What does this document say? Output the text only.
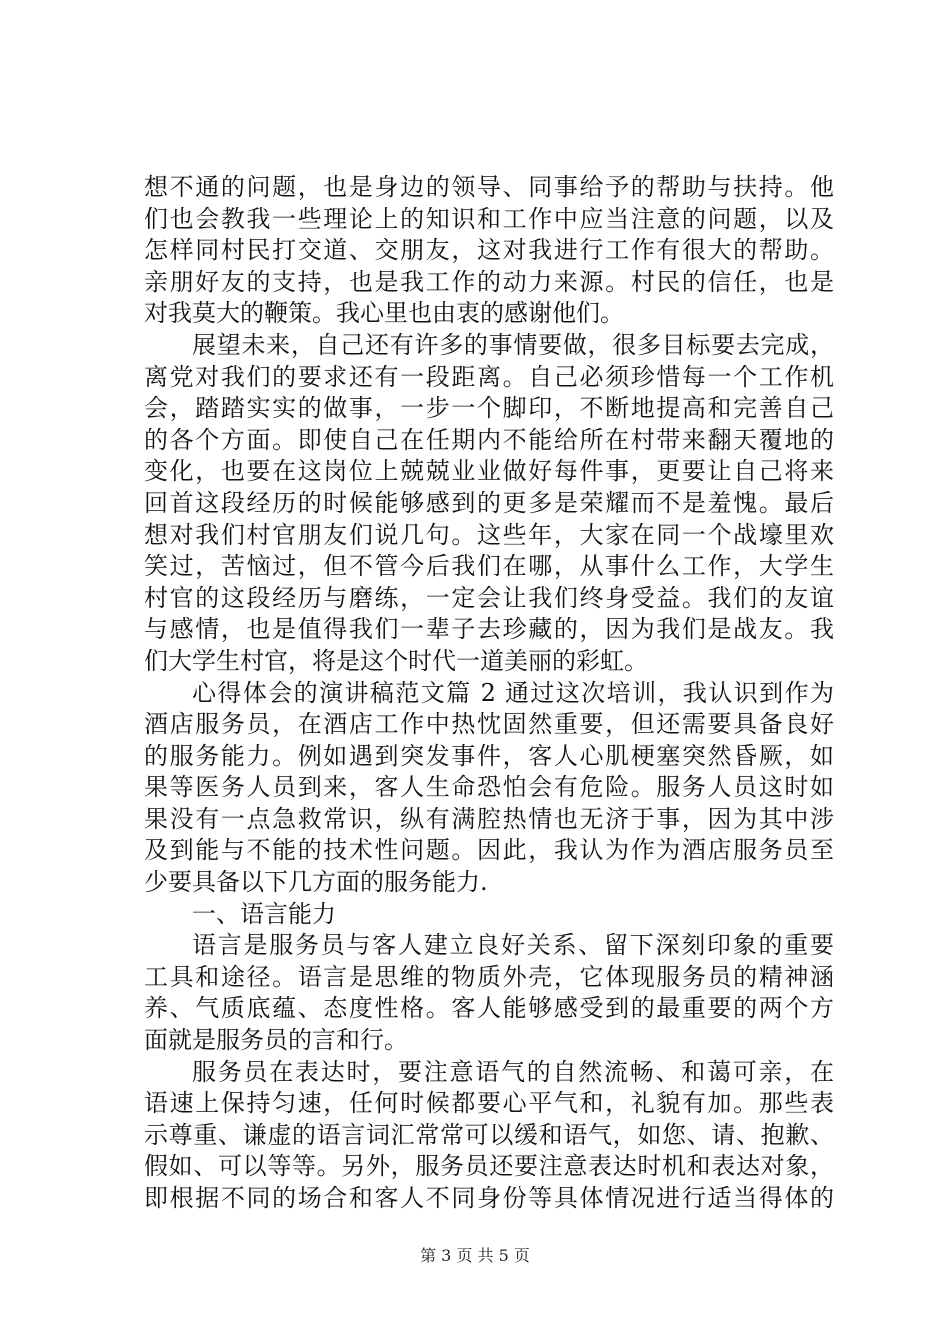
想不通的问题，也是身边的领导、同事给予的帮助与扶持。他
们也会教我一些理论上的知识和工作中应当注意的问题，以及
怎样同村民打交道、交朋友，这对我进行工作有很大的帮助。
亲朋好友的支持，也是我工作的动力来源。村民的信任，也是
对我莫大的鞭策。我心里也由衷的感谢他们。
展望未来，自己还有许多的事情要做，很多目标要去完成，
离党对我们的要求还有一段距离。自己必须珍惜每一个工作机
会，踏踏实实的做事，一步一个脚印，不断地提高和完善自己
的各个方面。即使自己在任期内不能给所在村带来翻天覆地的
变化，也要在这岗位上兢兢业业做好每件事，更要让自己将来
回首这段经历的时候能够感到的更多是荣耀而不是羞愧。最后
想对我们村官朋友们说几句。这些年，大家在同一个战壕里欢
笑过，苦恼过，但不管今后我们在哪，从事什么工作，大学生
村官的这段经历与磨练，一定会让我们终身受益。我们的友谊
与感情，也是值得我们一辈子去珍藏的，因为我们是战友。我
们大学生村官，将是这个时代一道美丽的彩虹。
心得体会的演讲稿范文篇 2 通过这次培训，我认识到作为
酒店服务员，在酒店工作中热忱固然重要，但还需要具备良好
的服务能力。例如遇到突发事件，客人心肌梗塞突然昏厥，如
果等医务人员到来，客人生命恐怕会有危险。服务人员这时如
果没有一点急救常识，纵有满腔热情也无济于事，因为其中涉
及到能与不能的技术性问题。因此，我认为作为酒店服务员至
少要具备以下几方面的服务能力.
一、语言能力
语言是服务员与客人建立良好关系、留下深刻印象的重要
工具和途径。语言是思维的物质外壳，它体现服务员的精神涵
养、气质底蕴、态度性格。客人能够感受到的最重要的两个方
面就是服务员的言和行。
服务员在表达时，要注意语气的自然流畅、和蔼可亲，在
语速上保持匀速，任何时候都要心平气和，礼貌有加。那些表
示尊重、谦虚的语言词汇常常可以缓和语气，如您、请、抱歉、
假如、可以等等。另外，服务员还要注意表达时机和表达对象，
即根据不同的场合和客人不同身份等具体情况进行适当得体的
第 3 页 共 5 页
